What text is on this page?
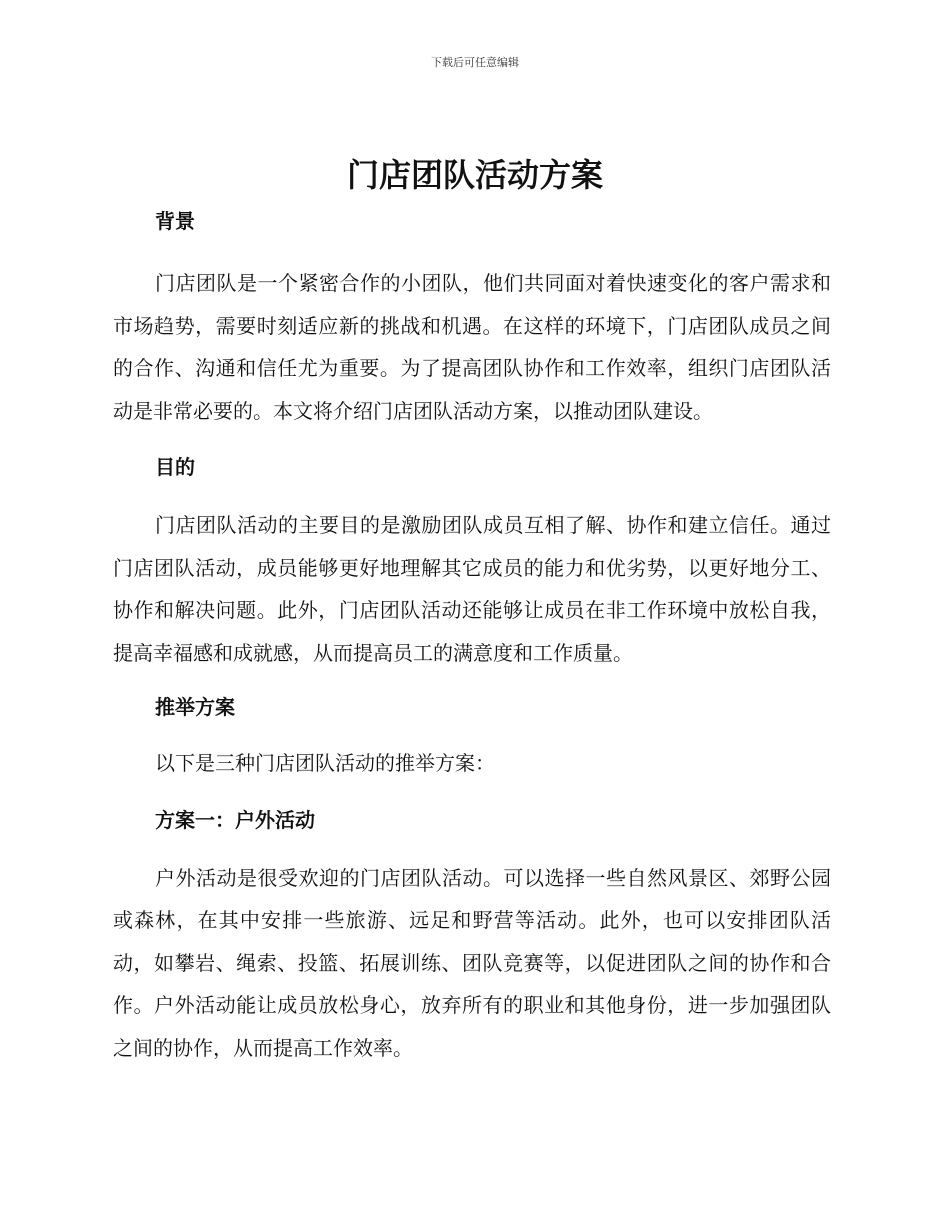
下载后可任意编辑
门店团队活动方案

背景

门店团队是一个紧密合作的小团队，他们共同面对着快速变化的客户需求和市场趋势，需要时刻适应新的挑战和机遇。在这样的环境下，门店团队成员之间的合作、沟通和信任尤为重要。为了提高团队协作和工作效率，组织门店团队活动是非常必要的。本文将介绍门店团队活动方案，以推动团队建设。

目的

门店团队活动的主要目的是激励团队成员互相了解、协作和建立信任。通过门店团队活动，成员能够更好地理解其它成员的能力和优劣势，以更好地分工、协作和解决问题。此外，门店团队活动还能够让成员在非工作环境中放松自我，提高幸福感和成就感，从而提高员工的满意度和工作质量。

推举方案

以下是三种门店团队活动的推举方案：

方案一：户外活动

户外活动是很受欢迎的门店团队活动。可以选择一些自然风景区、郊野公园或森林，在其中安排一些旅游、远足和野营等活动。此外，也可以安排团队活动，如攀岩、绳索、投篮、拓展训练、团队竞赛等，以促进团队之间的协作和合作。户外活动能让成员放松身心，放弃所有的职业和其他身份，进一步加强团队之间的协作，从而提高工作效率。
